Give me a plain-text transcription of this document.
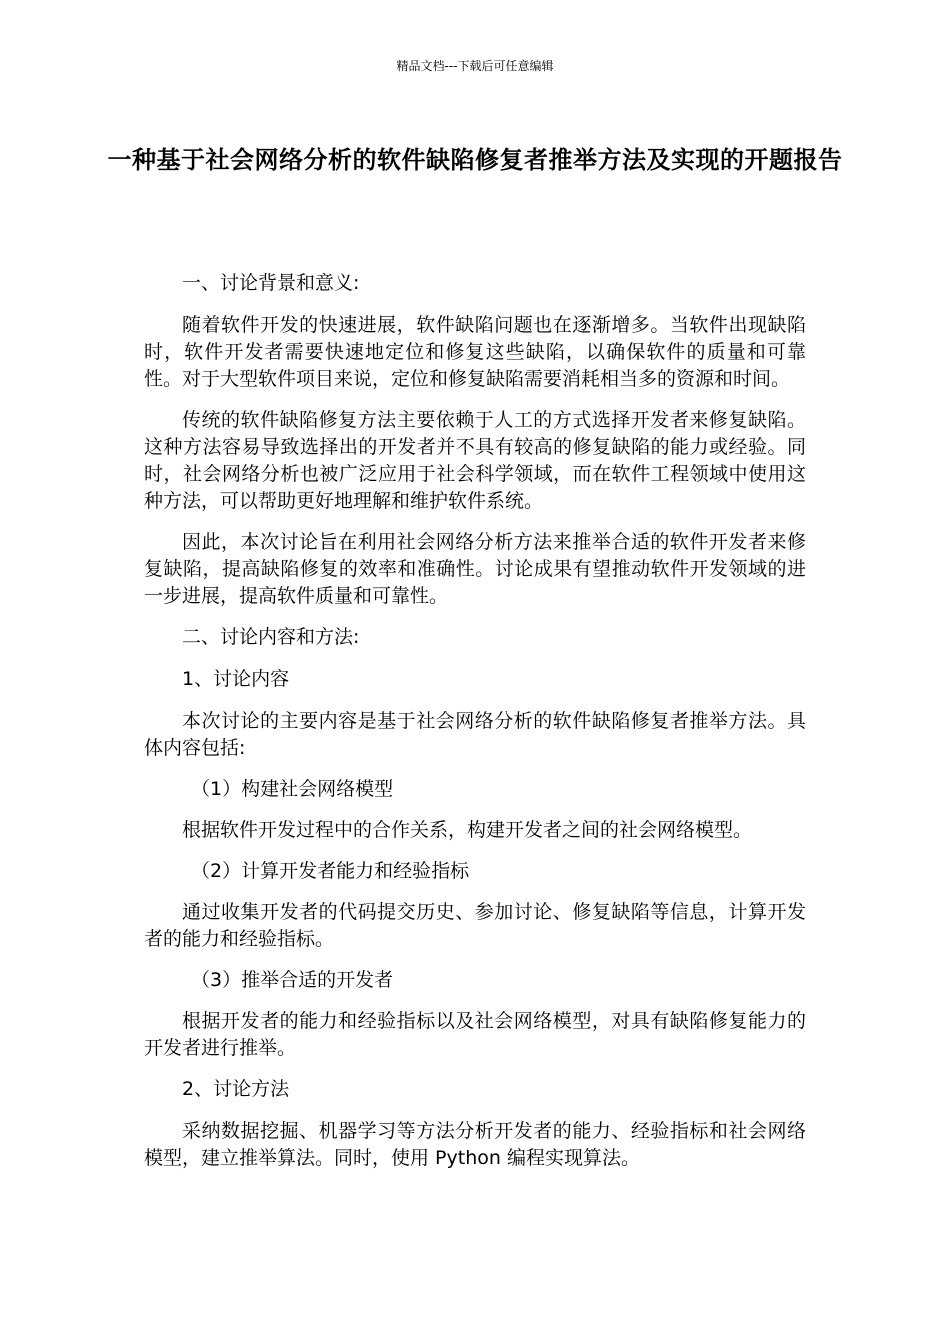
精品文档---下载后可任意编辑
一种基于社会网络分析的软件缺陷修复者推举方法及实现的开题报告

一、讨论背景和意义:

随着软件开发的快速进展，软件缺陷问题也在逐渐增多。当软件出现缺陷时，软件开发者需要快速地定位和修复这些缺陷，以确保软件的质量和可靠性。对于大型软件项目来说，定位和修复缺陷需要消耗相当多的资源和时间。

传统的软件缺陷修复方法主要依赖于人工的方式选择开发者来修复缺陷。这种方法容易导致选择出的开发者并不具有较高的修复缺陷的能力或经验。同时，社会网络分析也被广泛应用于社会科学领域，而在软件工程领域中使用这种方法，可以帮助更好地理解和维护软件系统。

因此，本次讨论旨在利用社会网络分析方法来推举合适的软件开发者来修复缺陷，提高缺陷修复的效率和准确性。讨论成果有望推动软件开发领域的进一步进展，提高软件质量和可靠性。

二、讨论内容和方法:

1、讨论内容

本次讨论的主要内容是基于社会网络分析的软件缺陷修复者推举方法。具体内容包括:

（1）构建社会网络模型

根据软件开发过程中的合作关系，构建开发者之间的社会网络模型。

（2）计算开发者能力和经验指标

通过收集开发者的代码提交历史、参加讨论、修复缺陷等信息，计算开发者的能力和经验指标。

（3）推举合适的开发者

根据开发者的能力和经验指标以及社会网络模型，对具有缺陷修复能力的开发者进行推举。

2、讨论方法

采纳数据挖掘、机器学习等方法分析开发者的能力、经验指标和社会网络模型，建立推举算法。同时，使用 Python 编程实现算法。
